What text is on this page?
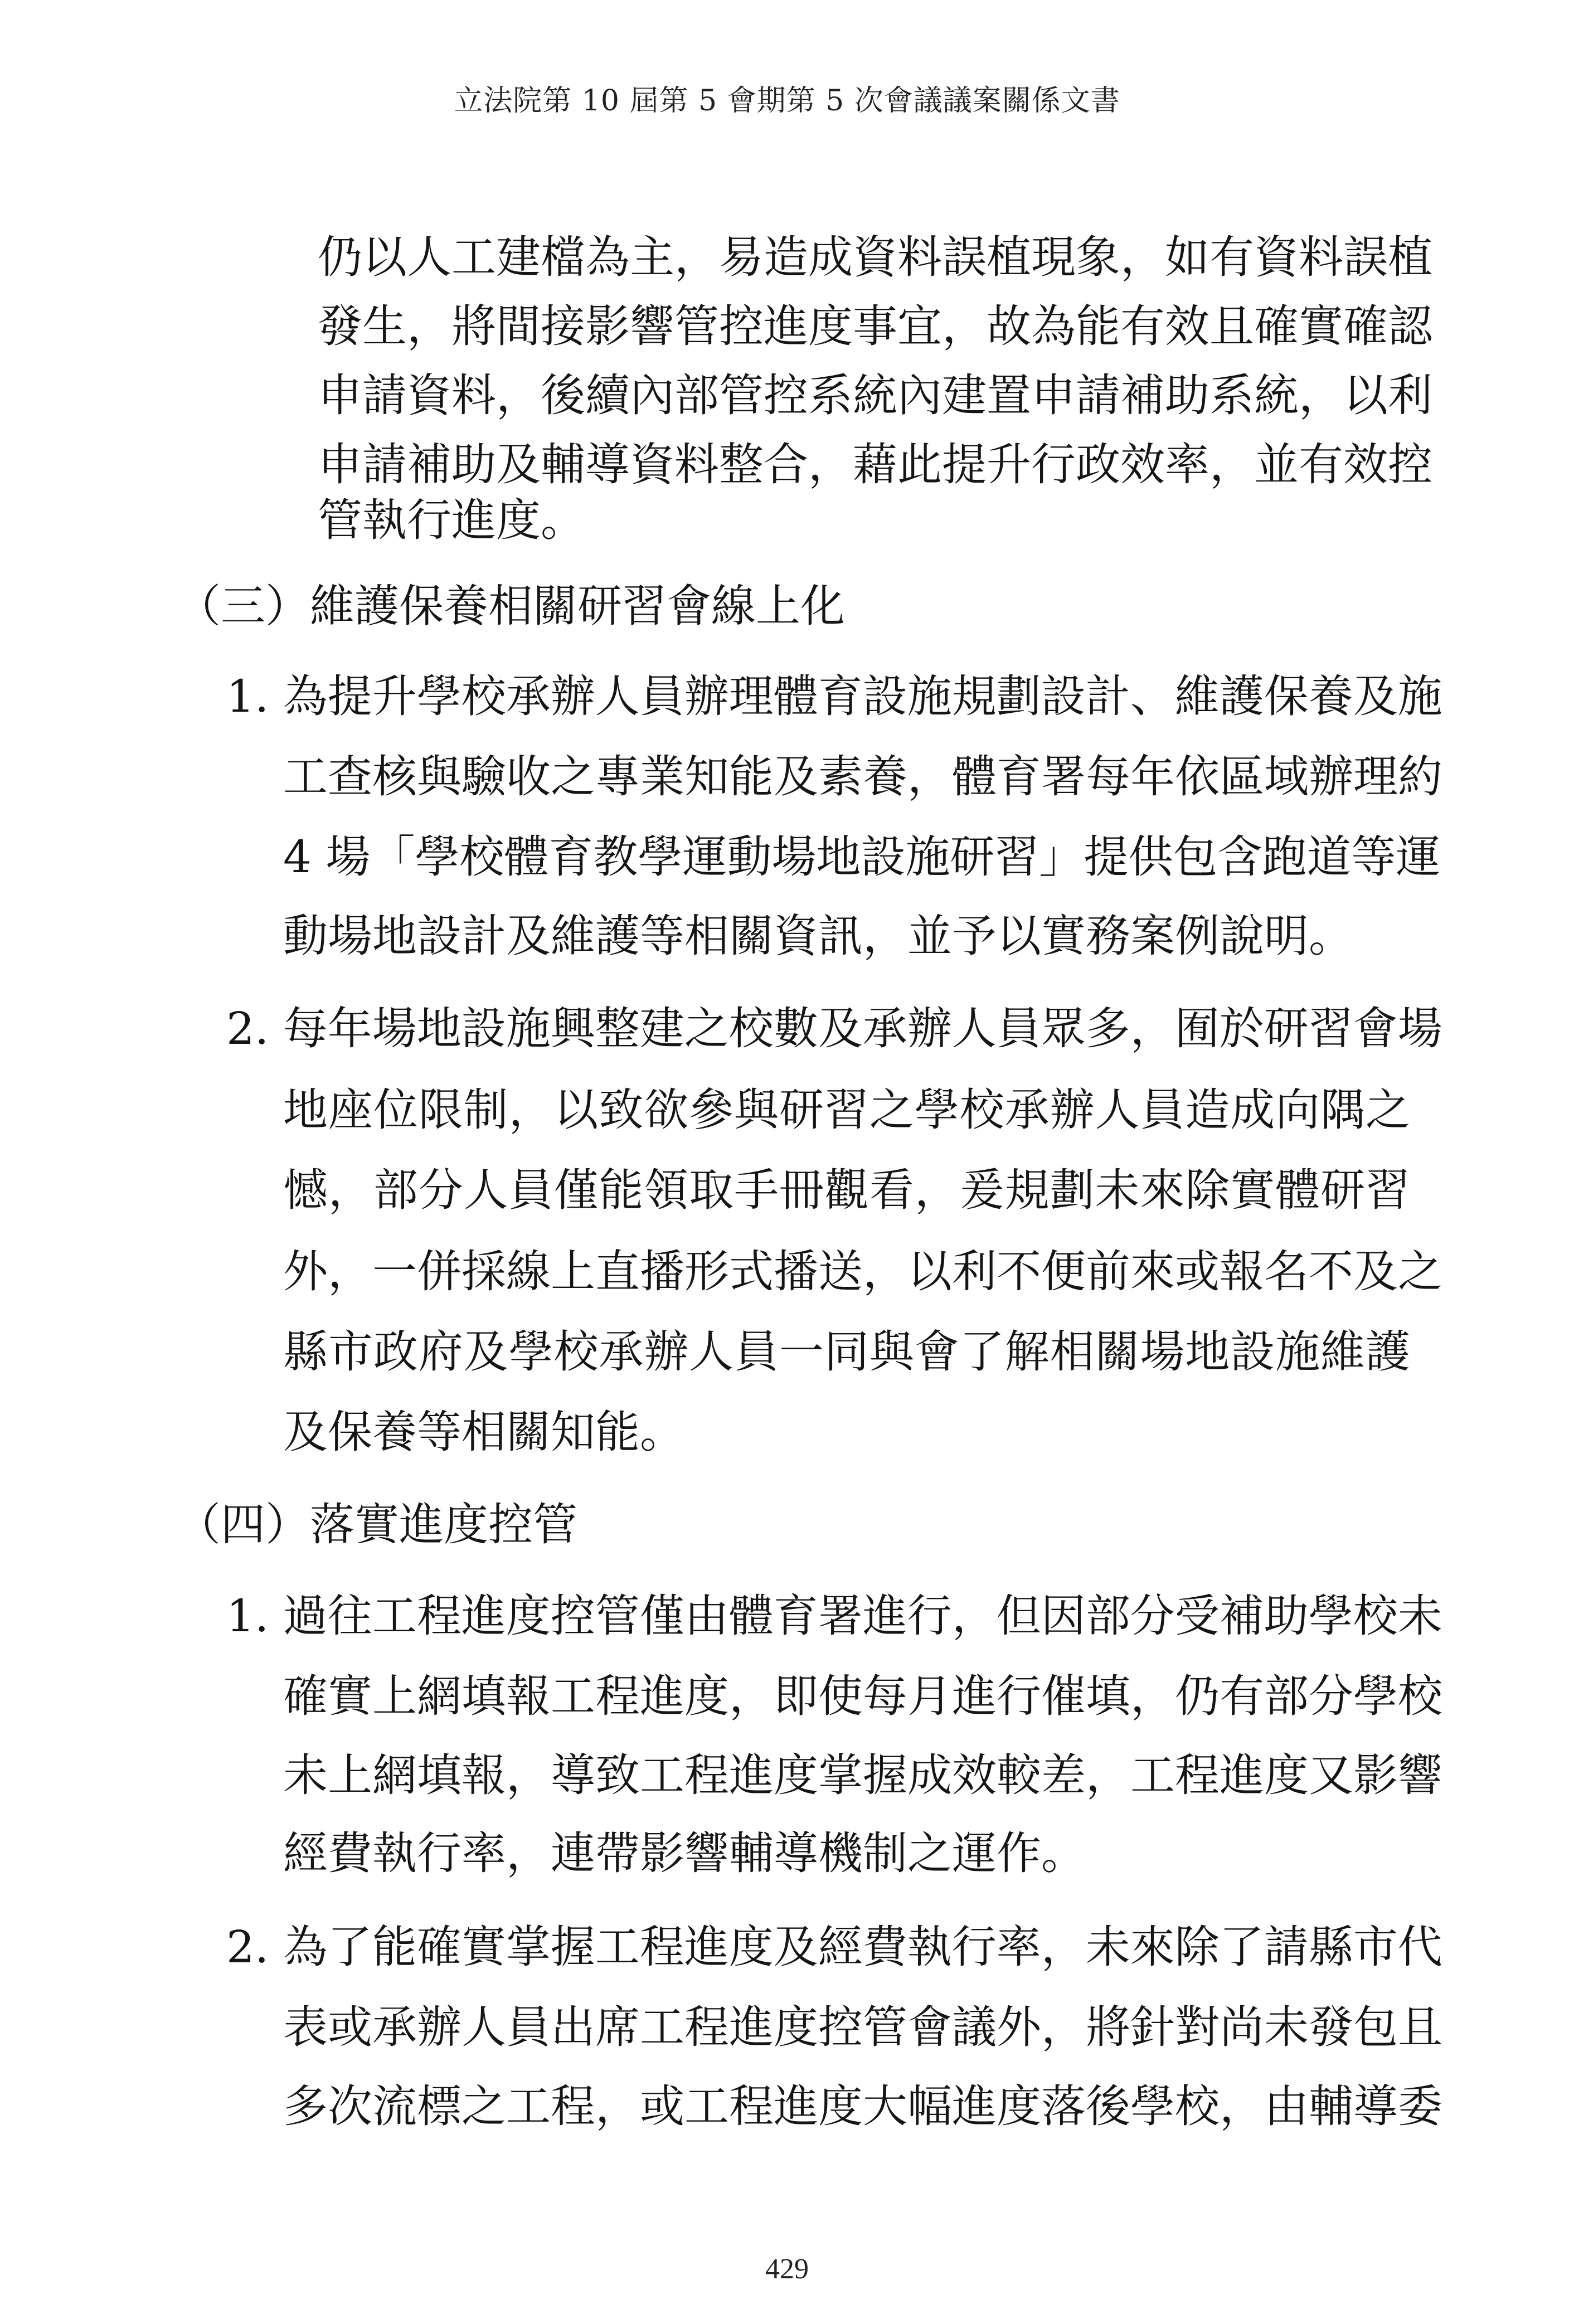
立法院第 10 屆第 5 會期第 5 次會議議案關係文書
仍以人工建檔為主，易造成資料誤植現象，如有資料誤植
發生，將間接影響管控進度事宜，故為能有效且確實確認
申請資料，後續內部管控系統內建置申請補助系統，以利
申請補助及輔導資料整合，藉此提升行政效率，並有效控
管執行進度。
（三）維護保養相關研習會線上化
1. 為提升學校承辦人員辦理體育設施規劃設計、維護保養及施
工查核與驗收之專業知能及素養，體育署每年依區域辦理約
4 場「學校體育教學運動場地設施研習」提供包含跑道等運
動場地設計及維護等相關資訊，並予以實務案例說明。
2. 每年場地設施興整建之校數及承辦人員眾多，囿於研習會場
地座位限制，以致欲參與研習之學校承辦人員造成向隅之
憾，部分人員僅能領取手冊觀看，爰規劃未來除實體研習
外，一併採線上直播形式播送，以利不便前來或報名不及之
縣市政府及學校承辦人員一同與會了解相關場地設施維護
及保養等相關知能。
（四）落實進度控管
1. 過往工程進度控管僅由體育署進行，但因部分受補助學校未
確實上網填報工程進度，即使每月進行催填，仍有部分學校
未上網填報，導致工程進度掌握成效較差，工程進度又影響
經費執行率，連帶影響輔導機制之運作。
2. 為了能確實掌握工程進度及經費執行率，未來除了請縣市代
表或承辦人員出席工程進度控管會議外，將針對尚未發包且
多次流標之工程，或工程進度大幅進度落後學校，由輔導委
429
